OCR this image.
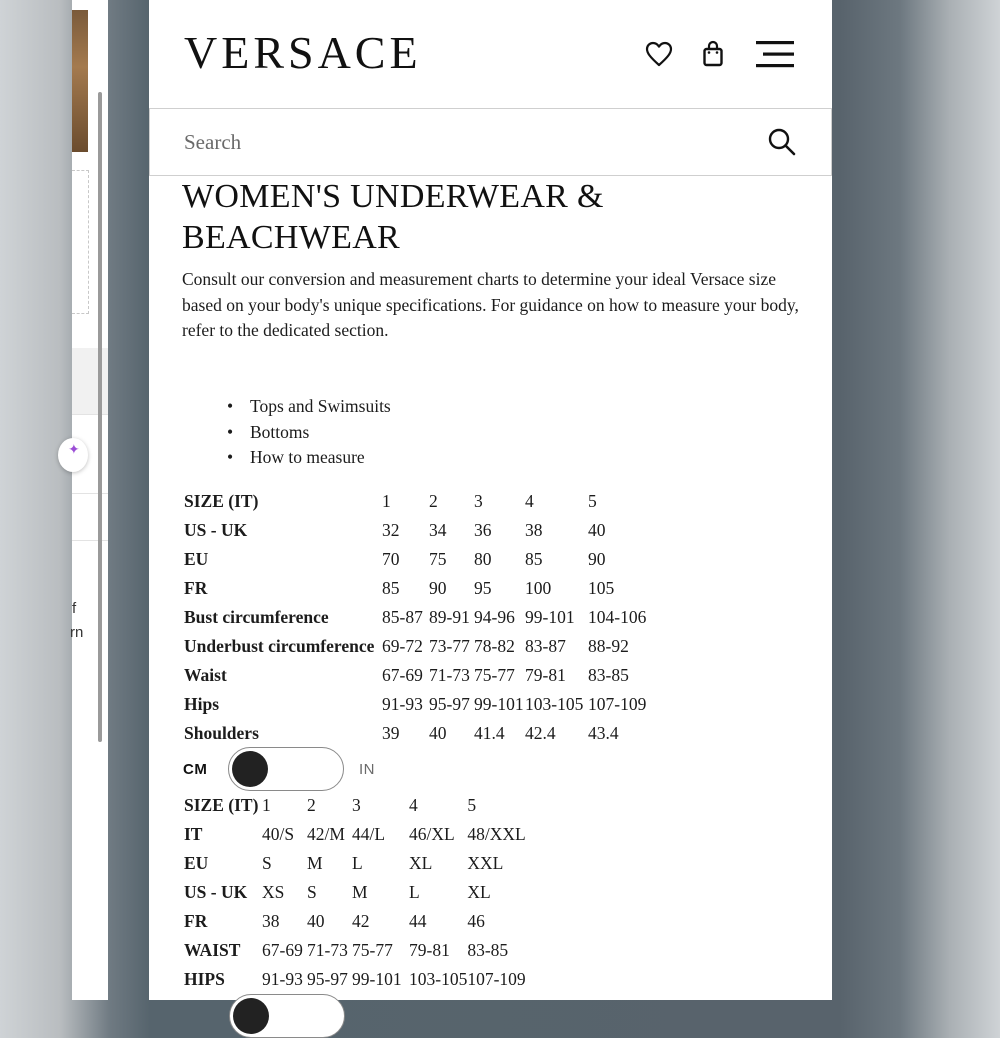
✦
f
rn
VERSACE
Search
WOMEN'S UNDERWEAR &
BEACHWEAR

Consult our conversion and measurement charts to determine your ideal Versace size based on your body's unique specifications. For guidance on how to measure your body, refer to the dedicated section.

• Tops and Swimsuits
• Bottoms
• How to measure
SIZE (IT)	1	2	3	4	5
US - UK	32	34	36	38	40
EU	70	75	80	85	90
FR	85	90	95	100	105
Bust circumference	85-87	89-91	94-96	99-101	104-106
Underbust circumference	69-72	73-77	78-82	83-87	88-92
Waist	67-69	71-73	75-77	79-81	83-85
Hips	91-93	95-97	99-101	103-105	107-109
Shoulders	39	40	41.4	42.4	43.4
CM	IN
SIZE (IT)	1	2	3	4	5
IT	40/S	42/M	44/L	46/XL	48/XXL
EU	S	M	L	XL	XXL
US - UK	XS	S	M	L	XL
FR	38	40	42	44	46
WAIST	67-69	71-73	75-77	79-81	83-85
HIPS	91-93	95-97	99-101	103-105	107-109
